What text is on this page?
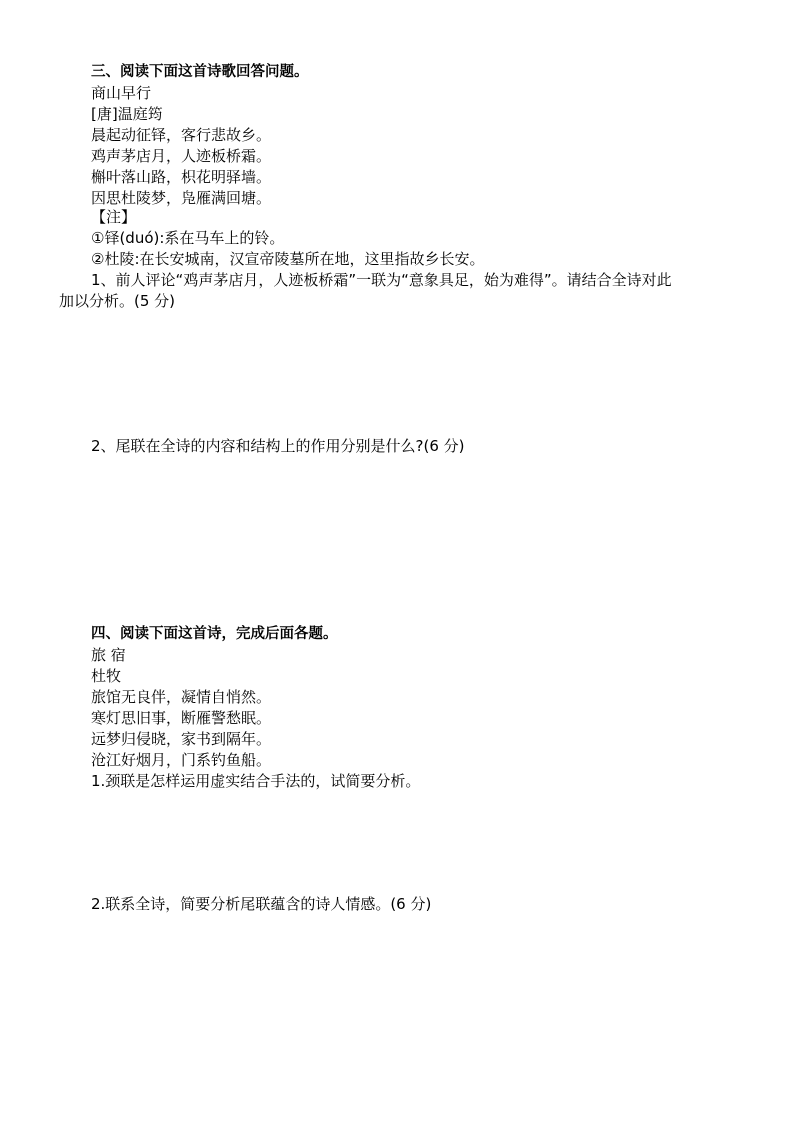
三、阅读下面这首诗歌回答问题。
商山早行
[唐]温庭筠
晨起动征铎，客行悲故乡。
鸡声茅店月，人迹板桥霜。
槲叶落山路，枳花明驿墙。
因思杜陵梦，凫雁满回塘。
【注】
①铎(duó):系在马车上的铃。
②杜陵:在长安城南，汉宣帝陵墓所在地，这里指故乡长安。
1、前人评论“鸡声茅店月，人迹板桥霜”一联为“意象具足，始为难得”。请结合全诗对此
加以分析。(5 分)
2、尾联在全诗的内容和结构上的作用分别是什么?(6 分)
四、阅读下面这首诗，完成后面各题。
旅 宿
杜牧
旅馆无良伴，凝情自悄然。
寒灯思旧事，断雁警愁眠。
远梦归侵晓，家书到隔年。
沧江好烟月，门系钓鱼船。
1.颈联是怎样运用虚实结合手法的，试简要分析。
2.联系全诗，简要分析尾联蕴含的诗人情感。(6 分)
